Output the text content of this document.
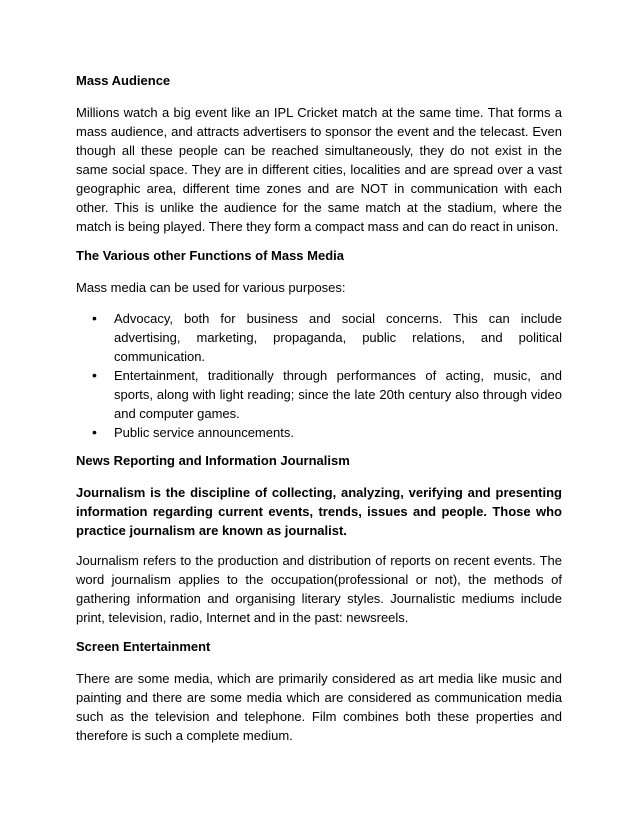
Mass Audience

Millions watch a big event like an IPL Cricket match at the same time. That forms a mass audience, and attracts advertisers to sponsor the event and the telecast. Even though all these people can be reached simultaneously, they do not exist in the same social space. They are in different cities, localities and are spread over a vast geographic area, different time zones and are NOT in communication with each other. This is unlike the audience for the same match at the stadium, where the match is being played. There they form a compact mass and can do react in unison.

The Various other Functions of Mass Media

Mass media can be used for various purposes:

• Advocacy, both for business and social concerns. This can include advertising, marketing, propaganda, public relations, and political communication.
• Entertainment, traditionally through performances of acting, music, and sports, along with light reading; since the late 20th century also through video and computer games.
• Public service announcements.
News Reporting and Information Journalism

Journalism is the discipline of collecting, analyzing, verifying and presenting information regarding current events, trends, issues and people. Those who practice journalism are known as journalist.

Journalism refers to the production and distribution of reports on recent events. The word journalism applies to the occupation(professional or not), the methods of gathering information and organising literary styles. Journalistic mediums include print, television, radio, Internet and in the past: newsreels.

Screen Entertainment

There are some media, which are primarily considered as art media like music and painting and there are some media which are considered as communication media such as the television and telephone. Film combines both these properties and therefore is such a complete medium.
